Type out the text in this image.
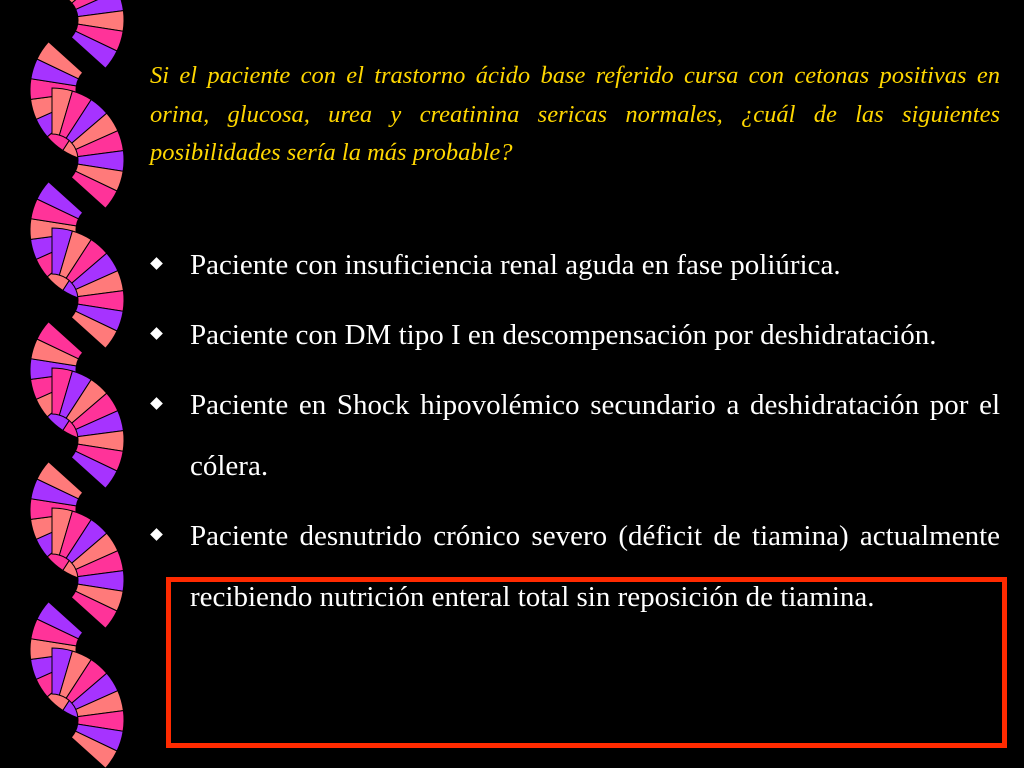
Si el paciente con el trastorno ácido base referido cursa con cetonas positivas en orina, glucosa, urea y creatinina sericas normales, ¿cuál de las siguientes posibilidades sería la más probable?

Paciente con insuficiencia renal aguda en fase poliúrica.
Paciente con DM tipo I en descompensación por deshidratación.
Paciente en Shock hipovolémico secundario a deshidratación por el cólera.
Paciente desnutrido crónico severo (déficit de tiamina) actualmente recibiendo nutrición enteral total sin reposición de tiamina.
